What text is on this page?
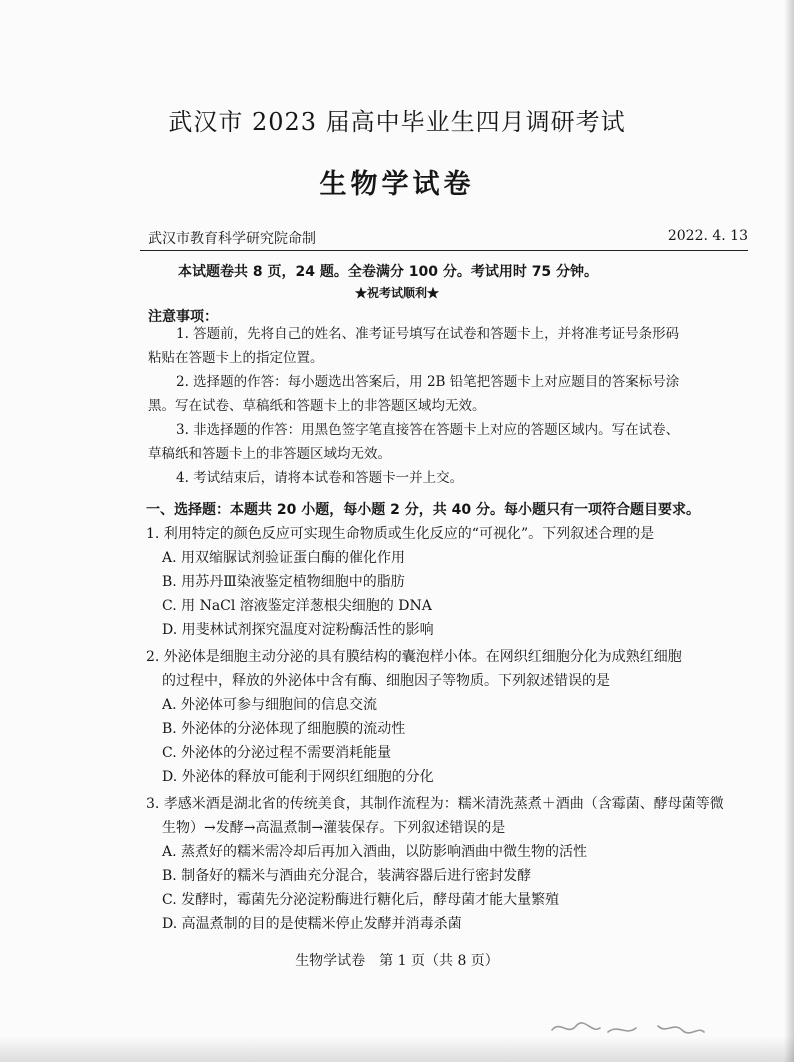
武汉市 2023 届高中毕业生四月调研考试
生物学试卷
武汉市教育科学研究院命制	2022. 4. 13
本试题卷共 8 页，24 题。全卷满分 100 分。考试用时 75 分钟。
★祝考试顺利★
注意事项：
1. 答题前，先将自己的姓名、准考证号填写在试卷和答题卡上，并将准考证号条形码
粘贴在答题卡上的指定位置。
2. 选择题的作答：每小题选出答案后，用 2B 铅笔把答题卡上对应题目的答案标号涂
黑。写在试卷、草稿纸和答题卡上的非答题区域均无效。
3. 非选择题的作答：用黑色签字笔直接答在答题卡上对应的答题区域内。写在试卷、
草稿纸和答题卡上的非答题区域均无效。
4. 考试结束后，请将本试卷和答题卡一并上交。
一、选择题：本题共 20 小题，每小题 2 分，共 40 分。每小题只有一项符合题目要求。
1. 利用特定的颜色反应可实现生命物质或生化反应的“可视化”。下列叙述合理的是
A. 用双缩脲试剂验证蛋白酶的催化作用
B. 用苏丹Ⅲ染液鉴定植物细胞中的脂肪
C. 用 NaCl 溶液鉴定洋葱根尖细胞的 DNA
D. 用斐林试剂探究温度对淀粉酶活性的影响
2. 外泌体是细胞主动分泌的具有膜结构的囊泡样小体。在网织红细胞分化为成熟红细胞
的过程中，释放的外泌体中含有酶、细胞因子等物质。下列叙述错误的是
A. 外泌体可参与细胞间的信息交流
B. 外泌体的分泌体现了细胞膜的流动性
C. 外泌体的分泌过程不需要消耗能量
D. 外泌体的释放可能利于网织红细胞的分化
3. 孝感米酒是湖北省的传统美食，其制作流程为：糯米清洗蒸煮＋酒曲（含霉菌、酵母菌等微
生物）→发酵→高温煮制→灌装保存。下列叙述错误的是
A. 蒸煮好的糯米需冷却后再加入酒曲，以防影响酒曲中微生物的活性
B. 制备好的糯米与酒曲充分混合，装满容器后进行密封发酵
C. 发酵时，霉菌先分泌淀粉酶进行糖化后，酵母菌才能大量繁殖
D. 高温煮制的目的是使糯米停止发酵并消毒杀菌
生物学试卷　第 1 页（共 8 页）
